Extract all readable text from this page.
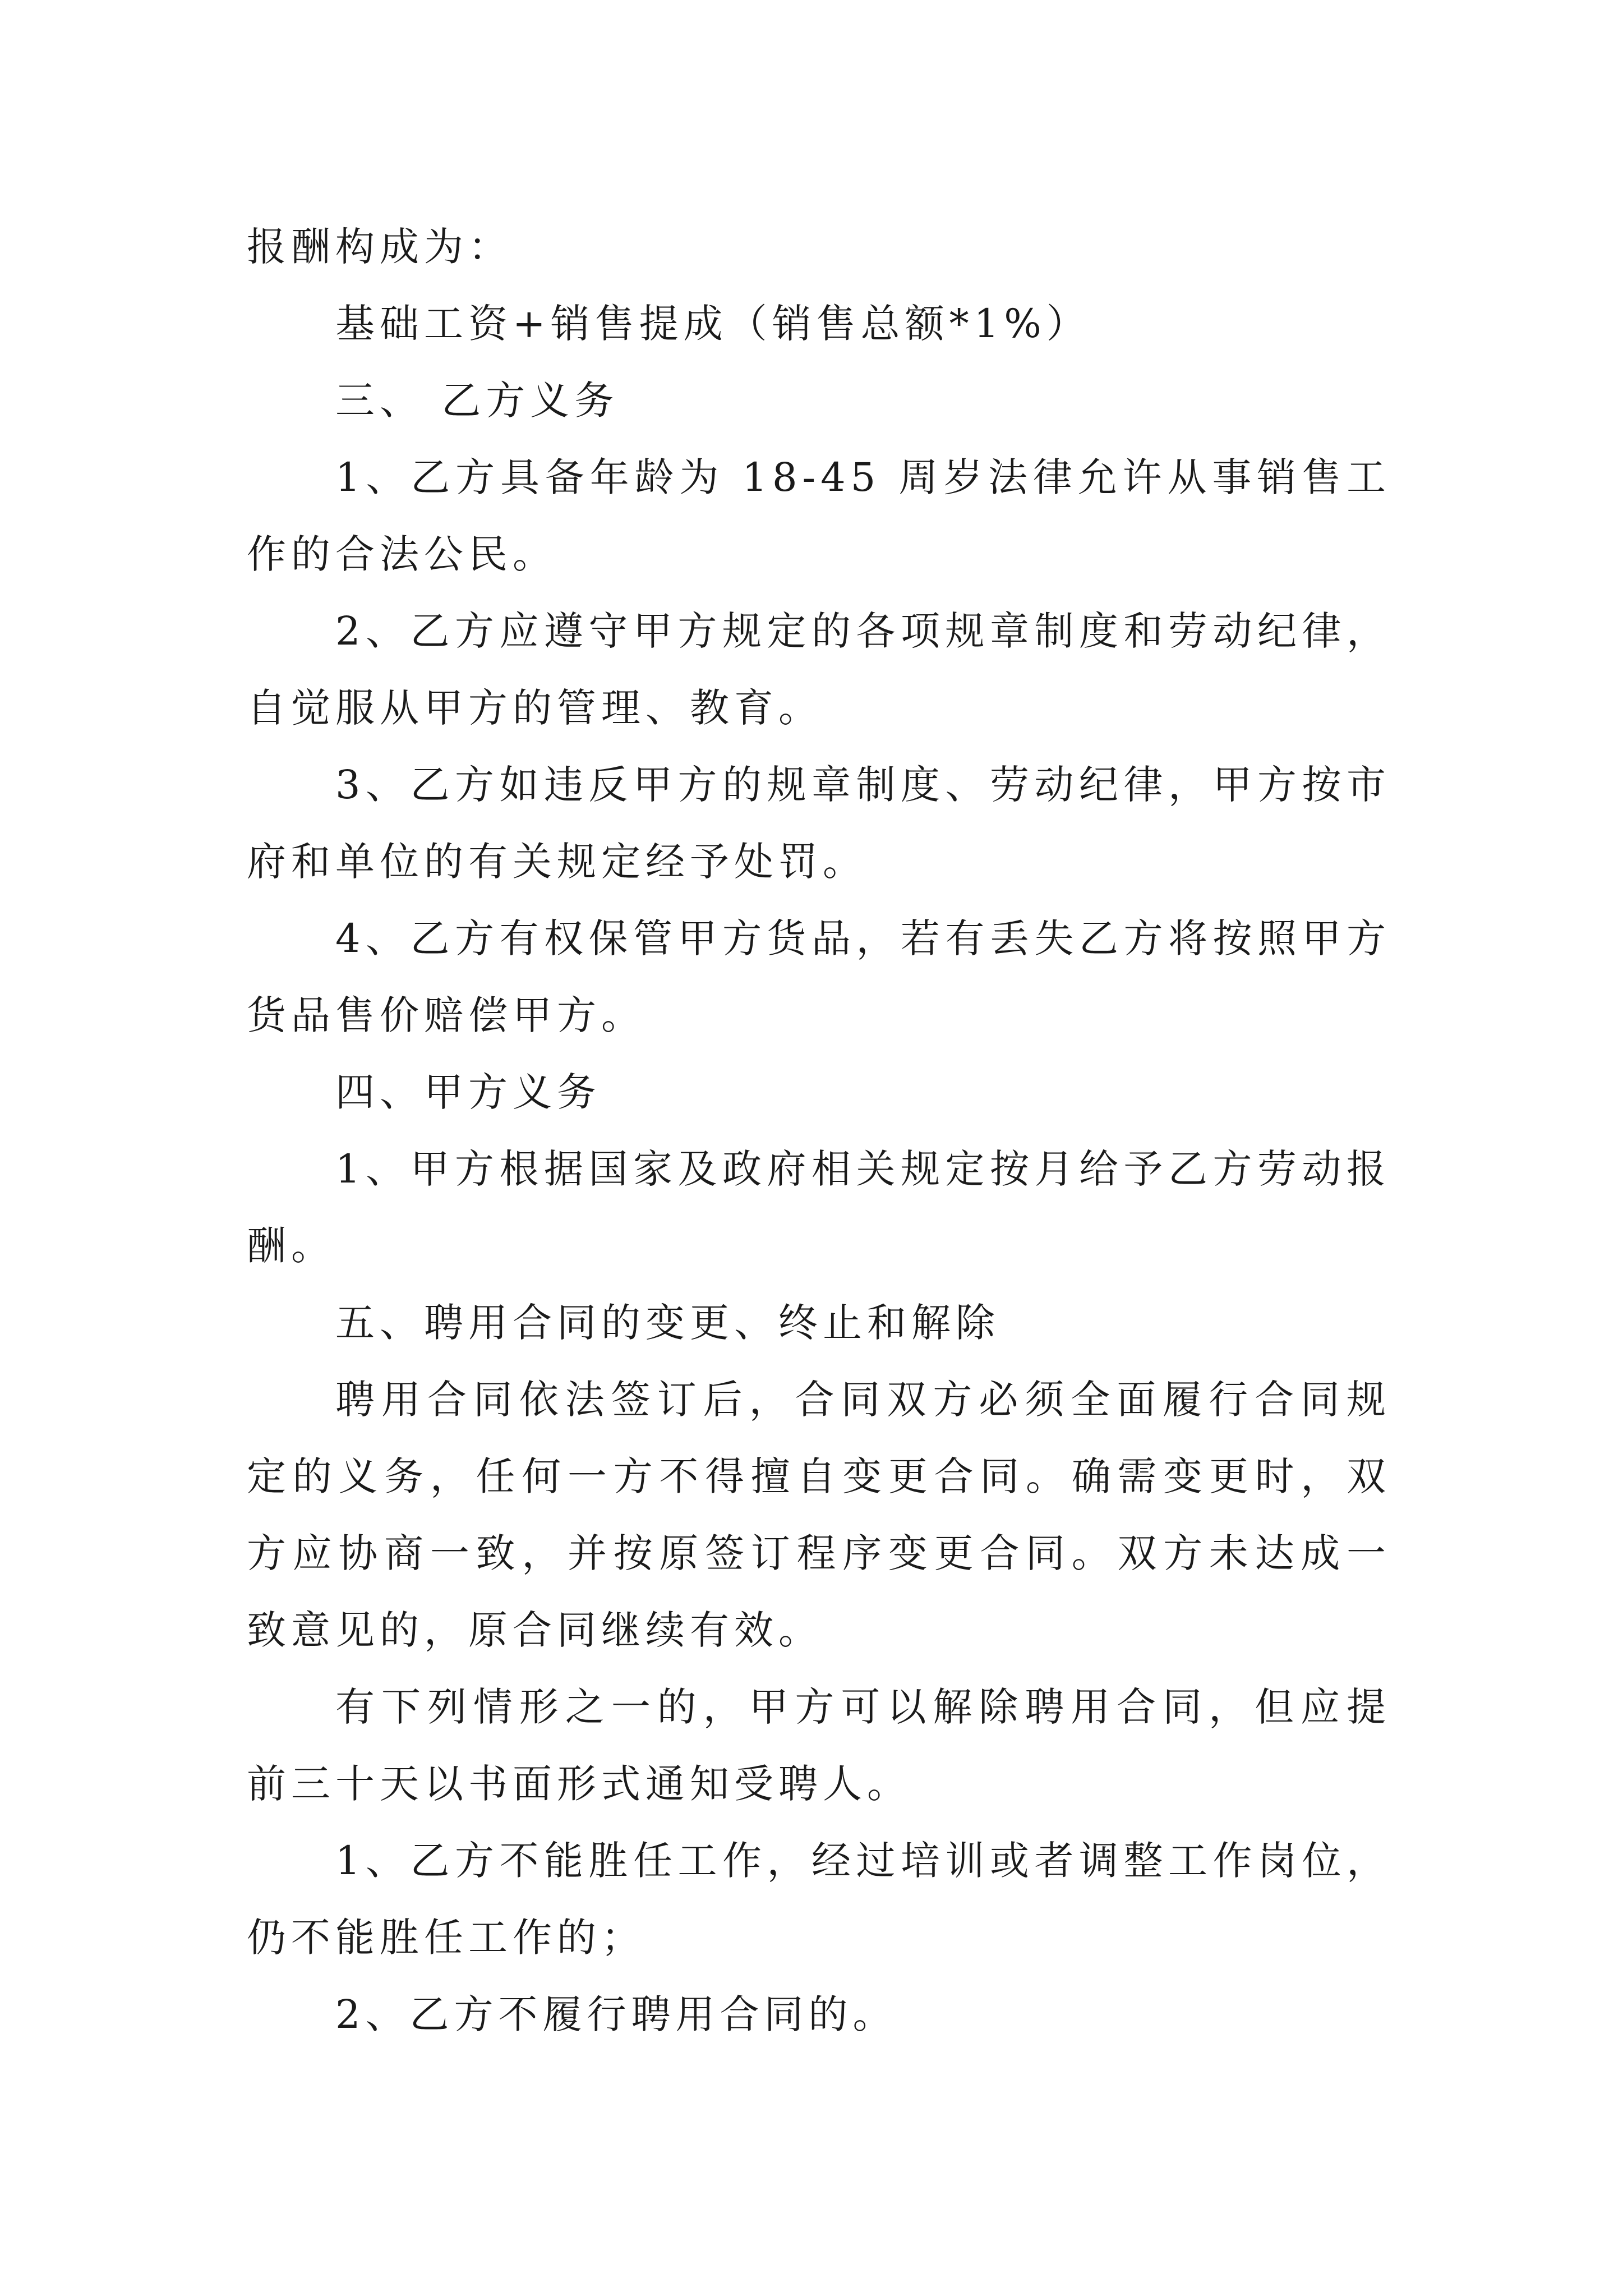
报酬构成为：

基础工资+销售提成（销售总额*1%）

三、 乙方义务

1、乙方具备年龄为 18-45 周岁法律允许从事销售工作的合法公民。

2、乙方应遵守甲方规定的各项规章制度和劳动纪律，自觉服从甲方的管理、教育。

3、乙方如违反甲方的规章制度、劳动纪律，甲方按市府和单位的有关规定经予处罚。

4、乙方有权保管甲方货品，若有丢失乙方将按照甲方货品售价赔偿甲方。

四、甲方义务

1、甲方根据国家及政府相关规定按月给予乙方劳动报酬。

五、聘用合同的变更、终止和解除

聘用合同依法签订后，合同双方必须全面履行合同规定的义务，任何一方不得擅自变更合同。确需变更时，双方应协商一致，并按原签订程序变更合同。双方未达成一致意见的，原合同继续有效。

有下列情形之一的，甲方可以解除聘用合同，但应提前三十天以书面形式通知受聘人。

1、乙方不能胜任工作，经过培训或者调整工作岗位，仍不能胜任工作的；

2、乙方不履行聘用合同的。
